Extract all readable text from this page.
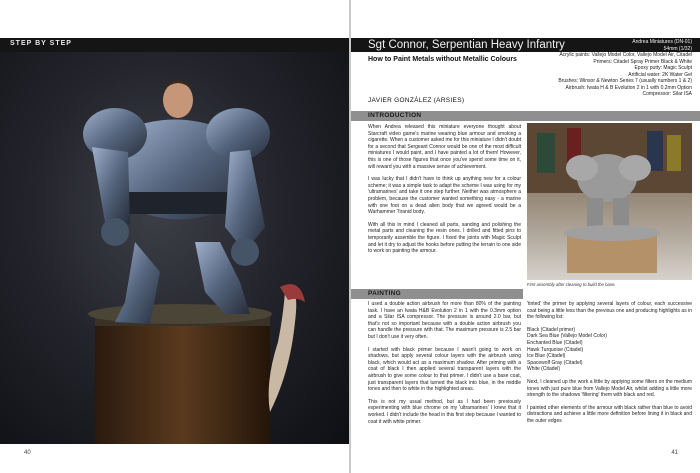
STEP BY STEP
40
Sgt Connor, Serpentian Heavy Infantry	Andrea Miniatures (DN-01)
54mm (1/32)
Acrylic paints: Vallejo Model Color, Vallejo Model Air, Citadel
Primers: Citadel Spray Primer Black & White
Epoxy putty: Magic Sculpt
Artificial water: 2K Water Gel
Brushes: Winsor & Newton Series 7 (usually numbers 1 & 2)
Airbrush: Iwata H & B Evolution 2 in 1 with 0.2mm Option
Compressor: Silar ISA
How to Paint Metals without Metallic Colours
JAVIER GONZÁLEZ (ARSIES)
INTRODUCTION

When Andrea released this miniature everyone thought about Starcraft video game's marine wearing blue armour and smoking a cigarette. When a customer asked me for this miniature I didn't doubt for a second that Sergeant Connor would be one of the most difficult miniatures I would paint, and I have painted a lot of them! However, this is one of those figures that once you've spend some time on it, will reward you with a massive sense of achievement.

I was lucky that I didn't have to think up anything new for a colour scheme; it was a simple task to adapt the scheme I was using for my 'ultramarines' and take it one step further. Neither was atmosphere a problem, because the customer wanted something easy - a marine with one foot on a dead alien body that we agreed would be a Warhammer Tiranid body.

With all this in mind I cleaned all parts, sanding and polishing the metal parts and cleaning the resin ones. I drilled and fitted pins to temporarily assemble the figure. I fixed the joints with Magic Sculpt and let it dry to adjust the hooks before putting the terrain to one side to work on painting the armour.

First assembly after cleaning to build the base.
PAINTING

I used a double action airbrush for more than 80% of the painting task. I have an Iwata H&B Evolution 2 in 1 with the 0.3mm option and a Silar ISA compressor. The pressure is around 2.0 bar, but that's not so important because with a double action airbrush you can handle the pressure with that. The maximum pressure is 2.5 bar but I don't use it very often.

I started with black primer because I wasn't going to work on shadows, but apply several colour layers with the airbrush using black, which would act as a maximum shadow. After priming with a coat of black I then applied several transparent layers with the airbrush to give some colour to that primer. I didn't use a base coat, just transparent layers that turned the black into blue, in the middle tones and then to white in the highlighted areas.

This is not my usual method, but as I had been previously experimenting with blue chrome on my 'ultramarines' I knew that it worked. I didn't include the head in this first step because I wanted to coat it with white primer.

'tinted' the primer by applying several layers of colour, each successive coat being a little less than the previous one and producing highlights as in the following list:

Black (Citadel primer)
Dark Sea Blue (Vallejo Model Color)
Enchanted Blue (Citadel)
Hawk Turquoise (Citadel)
Ice Blue (Citadel)
Spacewolf Gray (Citadel)
White (Citadel)

Next, I cleaned up the work a little by applying some filters on the medium tones with just pure blue from Vallejo Model Air, whilst adding a little more strength to the shadows 'filtering' them with black and red.

I painted other elements of the armour with black rather than blue to avoid distractions and achieve a little more definition before lining it in black and the outer edges

41
